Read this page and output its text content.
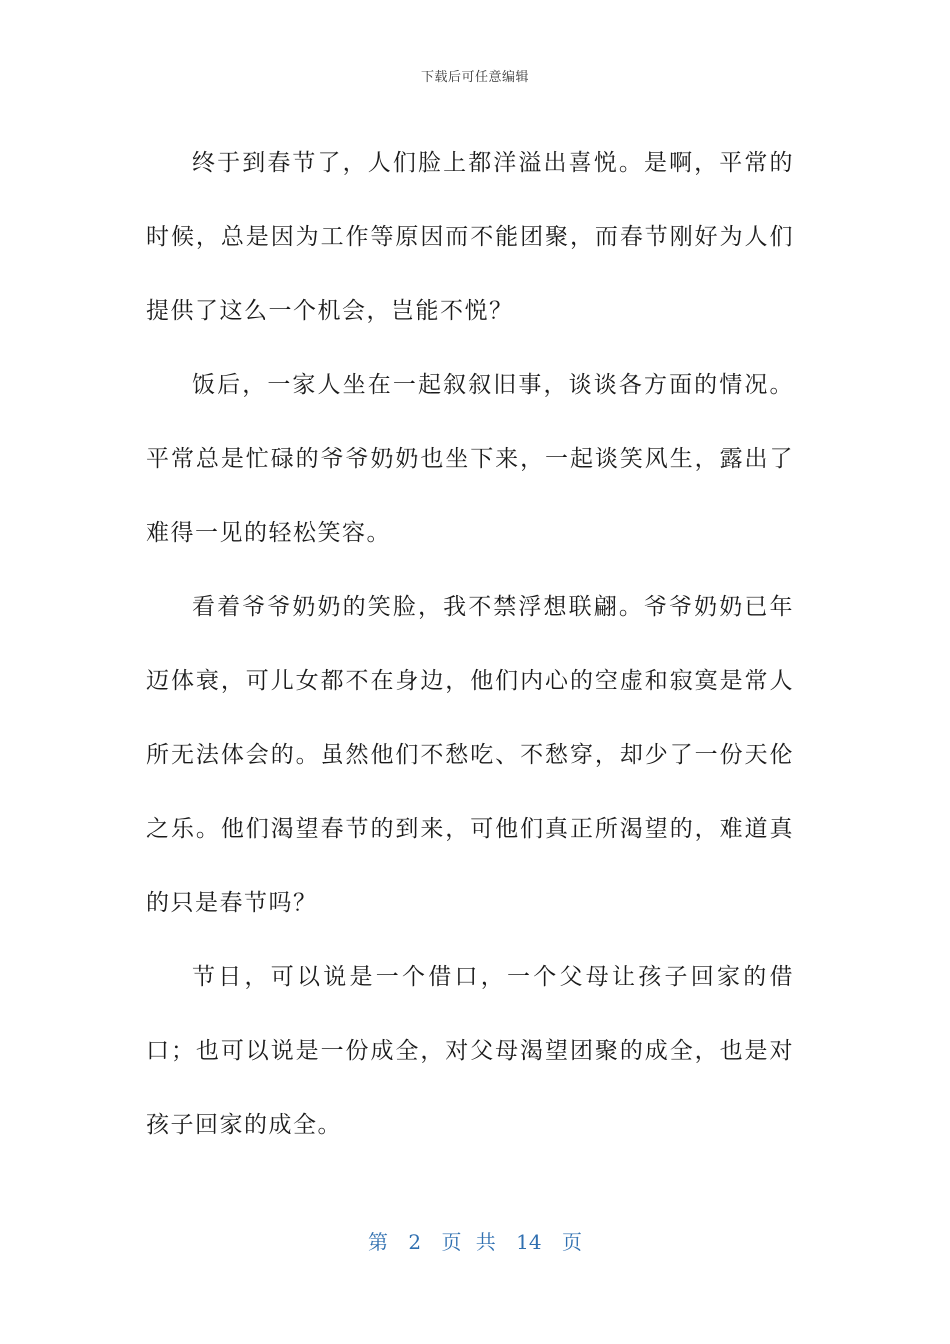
下载后可任意编辑

终于到春节了，人们脸上都洋溢出喜悦。是啊，平常的时候，总是因为工作等原因而不能团聚，而春节刚好为人们提供了这么一个机会，岂能不悦？

饭后，一家人坐在一起叙叙旧事，谈谈各方面的情况。平常总是忙碌的爷爷奶奶也坐下来，一起谈笑风生，露出了难得一见的轻松笑容。

看着爷爷奶奶的笑脸，我不禁浮想联翩。爷爷奶奶已年迈体衰，可儿女都不在身边，他们内心的空虚和寂寞是常人所无法体会的。虽然他们不愁吃、不愁穿，却少了一份天伦之乐。他们渴望春节的到来，可他们真正所渴望的，难道真的只是春节吗？

节日，可以说是一个借口，一个父母让孩子回家的借口；也可以说是一份成全，对父母渴望团聚的成全，也是对孩子回家的成全。

第 2 页 共 14 页
